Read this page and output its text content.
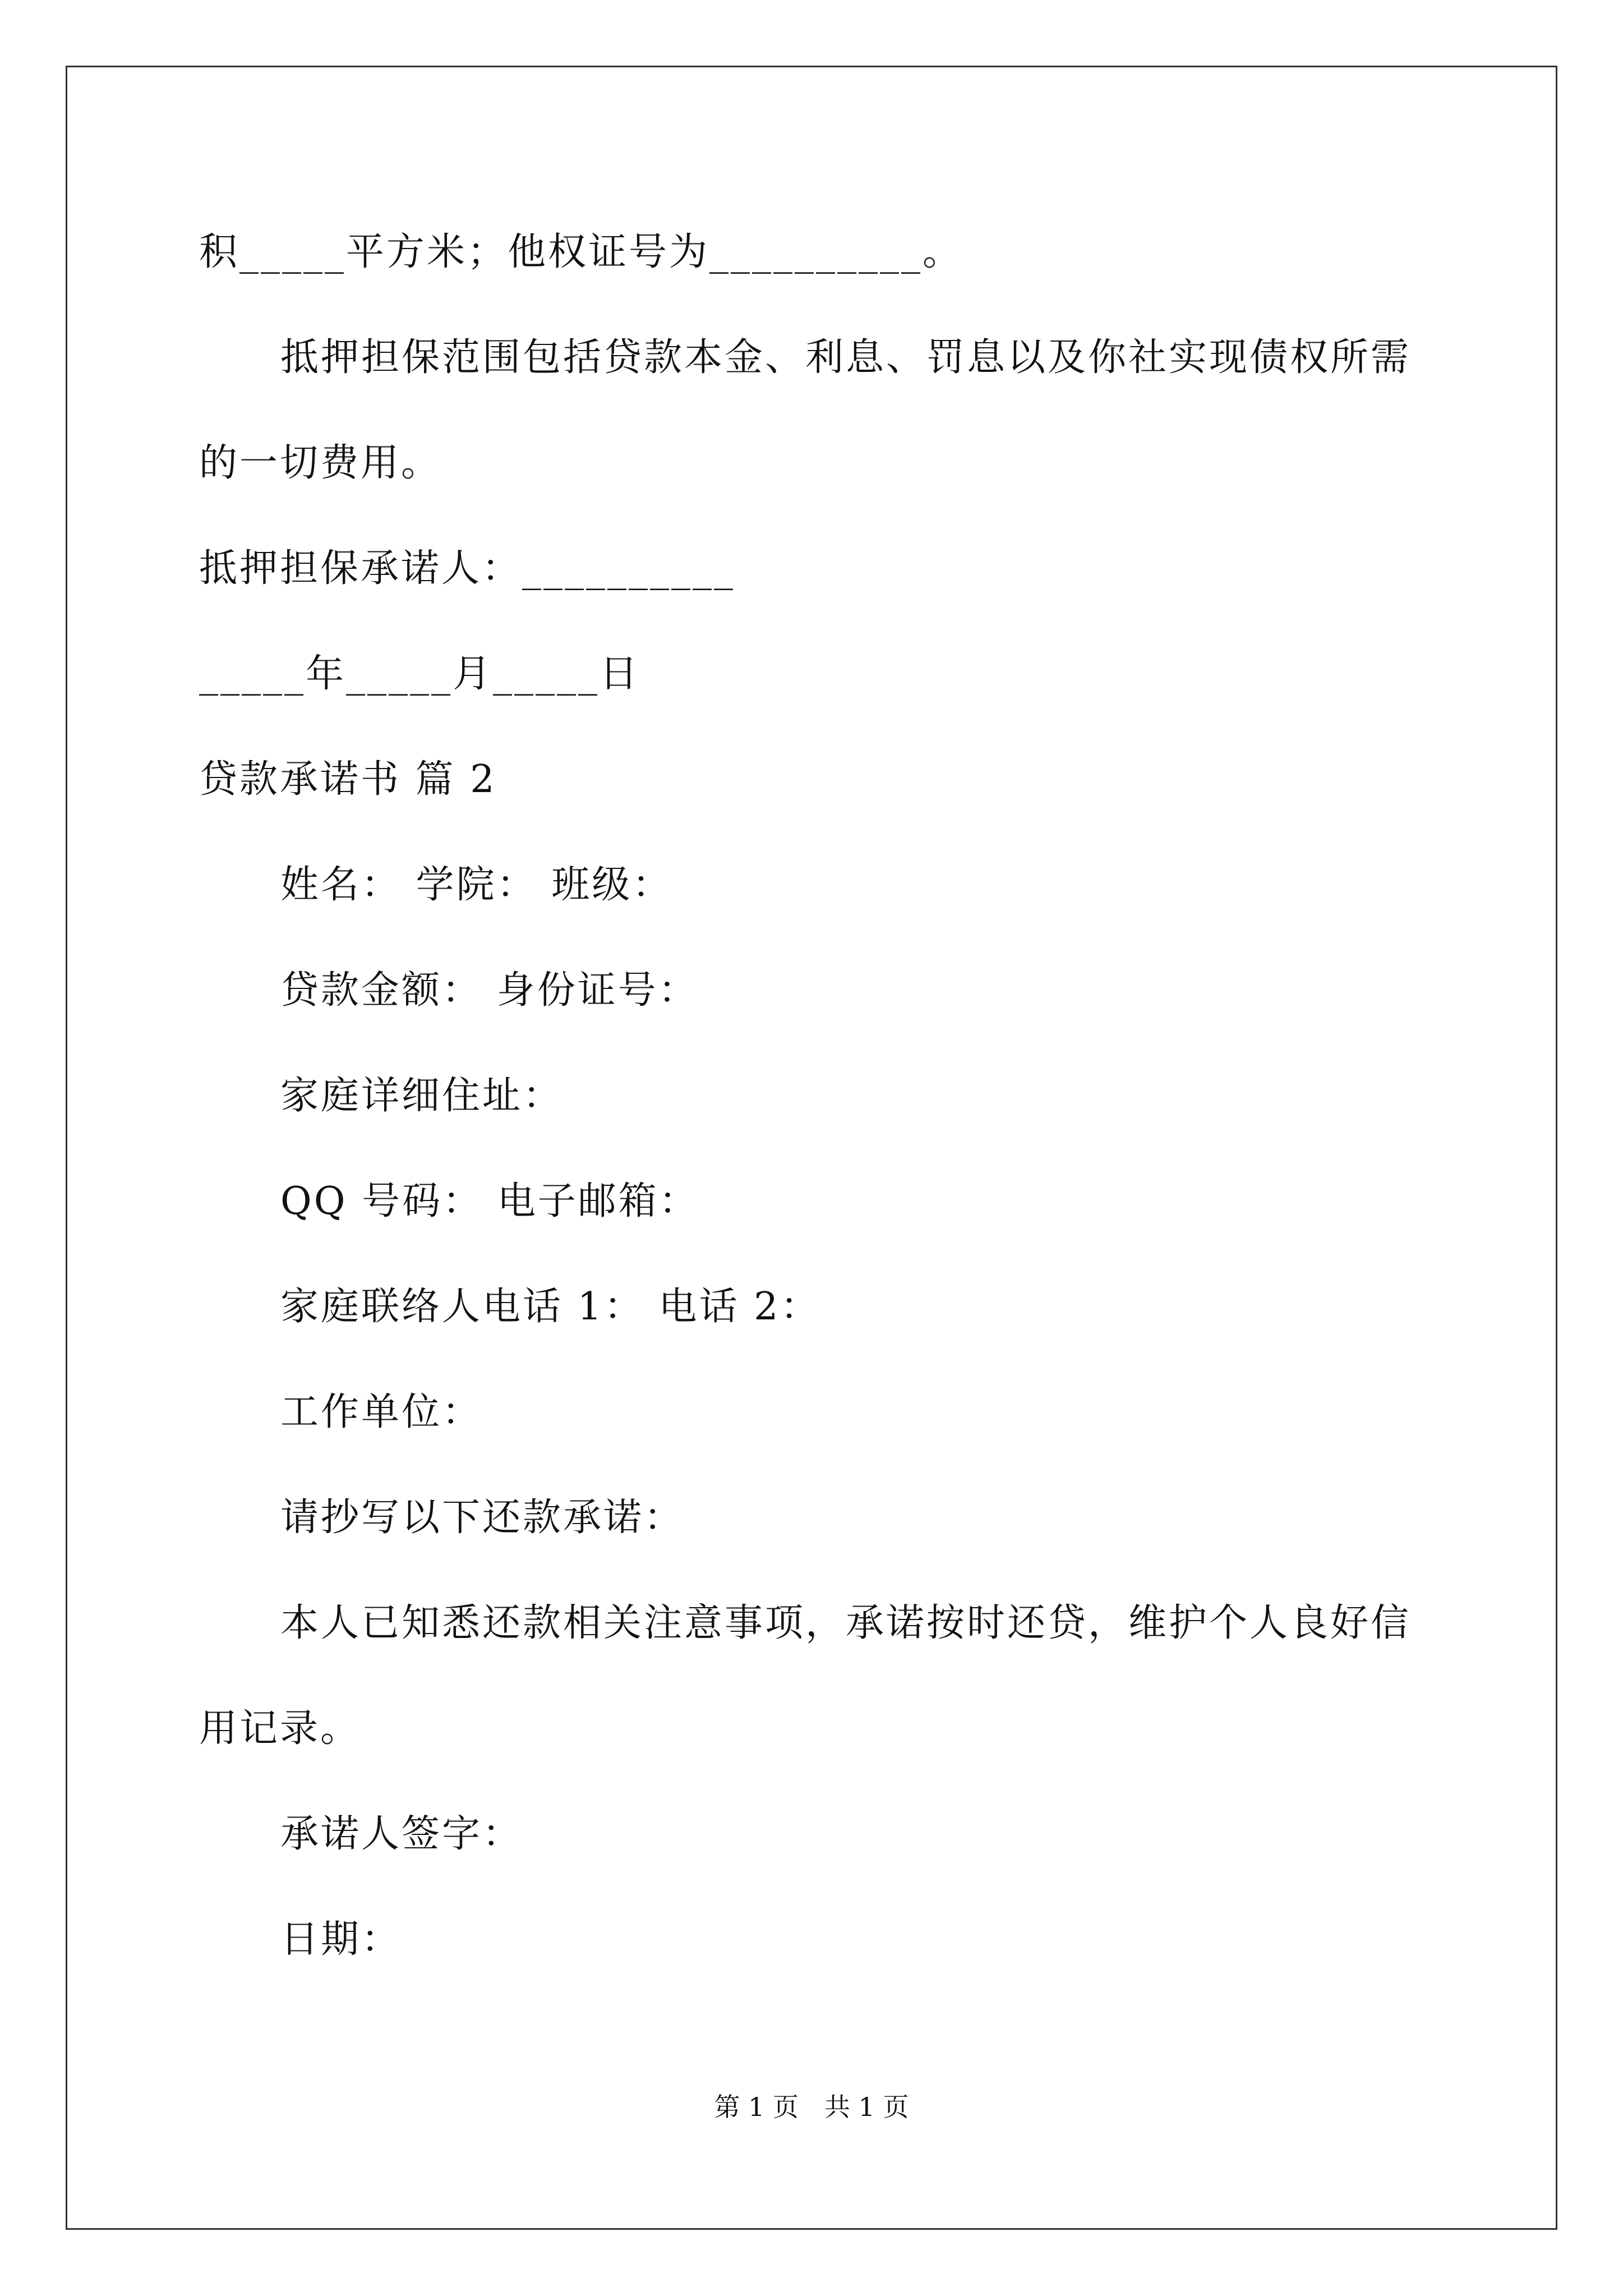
积_____平方米；他权证号为__________。
抵押担保范围包括贷款本金、利息、罚息以及你社实现债权所需
的一切费用。
抵押担保承诺人：__________
_____年_____月_____日
贷款承诺书 篇 2
姓名： 学院： 班级：
贷款金额： 身份证号：
家庭详细住址：
QQ 号码： 电子邮箱：
家庭联络人电话 1： 电话 2：
工作单位：
请抄写以下还款承诺：
本人已知悉还款相关注意事项，承诺按时还贷，维护个人良好信
用记录。
承诺人签字：
日期：
第 1 页　共 1 页
